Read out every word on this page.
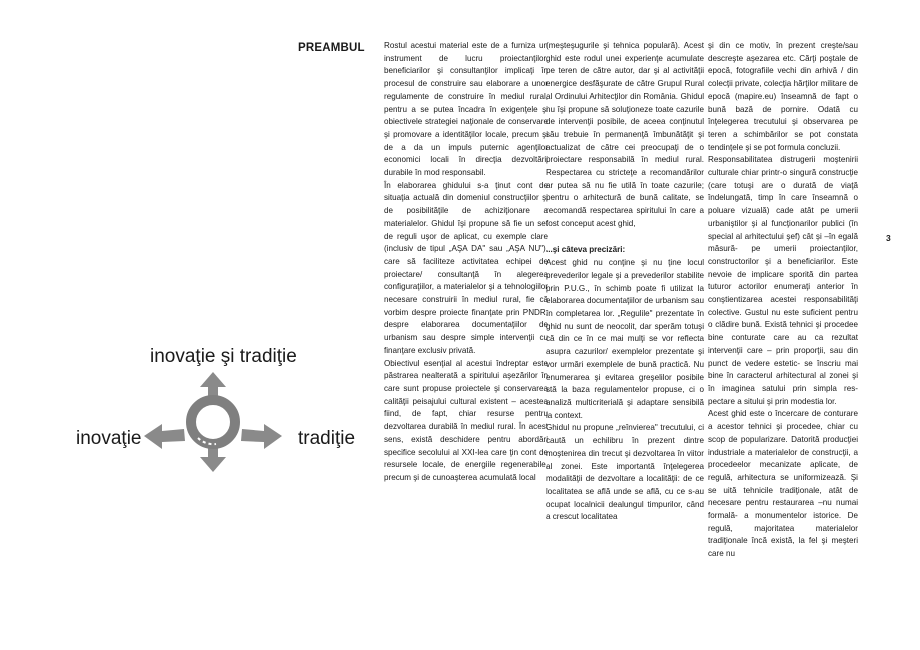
PREAMBUL
inovaţie şi tradiţie
inovaţie	tradiţie

Rostul acestui material este de a furniza un instrument de lucru proiectanţilor, beneficiarilor şi consultanţilor implicaţi în procesul de construire sau elaborare a unor regulamente de construire în mediul rural, pentru a se putea încadra în exigenţele şi obiectivele strategiei naţionale de conservare şi promovare a identităţilor locale, precum şi de a da un impuls puternic agenţilor economici locali în direcţia dezvoltării durabile în mod responsabil.

În elaborarea ghidului s-a ţinut cont de situaţia actuală din domeniul construcţiilor şi de posibilităţile de achiziţionare a materialelor. Ghidul îşi propune să fie un set de reguli uşor de aplicat, cu exemple clare (inclusiv de tipul „AŞA DA" sau „AŞA NU"), care să faciliteze activitatea echipei de proiectare/ consultanţă în alegerea configuraţiilor, a materialelor şi a tehnologiilor necesare construirii în mediul rural, fie că vorbim despre proiecte finanţate prin PNDR, despre elaborarea documentaţiilor de urbanism sau despre simple intervenţii cu finanţare exclusiv privată.

Obiectivul esenţial al acestui îndreptar este păstrarea nealterată a spiritului aşezărilor în care sunt propuse proiectele şi conservarea calităţii peisajului cultural existent – acestea fiind, de fapt, chiar resurse pentru dezvoltarea durabilă în mediul rural. În acest sens, există deschidere pentru abordări specifice secolului al XXI-lea care ţin cont de resursele locale, de energiile regenerabile, precum şi de cunoaşterea acumulată local

(meşteşugurile şi tehnica populară). Acest ghid este rodul unei experienţe acumulate pe teren de către autor, dar şi al activităţii energice desfăşurate de către Grupul Rural al Ordinului Arhitecţilor din România. Ghidul nu îşi propune să soluţioneze toate cazurile de intervenţii posibile, de aceea conţinutul său trebuie în permanenţă îmbunătăţit şi actualizat de către cei preocupaţi de o proiectare responsabilă în mediul rural. Respectarea cu stricteţe a recomandărilor ar putea să nu fie utilă în toate cazurile; pentru o arhitectură de bună calitate, se recomandă respectarea spiritului în care a fost conceput acest ghid,

...şi câteva precizări:

Acest ghid nu conţine şi nu ţine locul prevederilor legale şi a prevederilor stabilite prin P.U.G., în schimb poate fi utilizat la elaborarea documentaţiilor de urbanism sau în completarea lor. „Regulile" prezentate în ghid nu sunt de neocolit, dar sperăm totuşi că din ce în ce mai mulţi se vor reflecta asupra cazurilor/ exemplelor prezentate şi vor urmări exemplele de bună practică. Nu enumerarea şi evitarea greşelilor posibile stă la baza regulamentelor propuse, ci o analiză multicriterială şi adaptare sensibilă la context.

Ghidul nu propune „reînvierea" trecutului, ci caută un echilibru în prezent dintre moştenirea din trecut şi dezvoltarea în viitor al zonei. Este importantă înţelegerea modalităţii de dezvoltare a localităţii: de ce localitatea se află unde se află, cu ce s-au ocupat localnicii dealungul timpurilor, când a crescut localitatea

şi din ce motiv, în prezent creşte/sau descreşte aşezarea etc. Cărţi poştale de epocă, fotografiile vechi din arhivă / din colecţii private, colecţia hărţilor militare de epocă (mapire.eu) înseamnă de fapt o bună bază de pornire. Odată cu înţelegerea trecutului şi observarea pe teren a schimbărilor se pot constata tendinţele şi se pot formula concluzii.

Responsabilitatea distrugerii moştenirii culturale chiar printr-o singură construcţie (care totuşi are o durată de viaţă îndelungată, timp în care înseamnă o poluare vizuală) cade atât pe umerii urbaniştilor şi al funcţionarilor publici (în special al arhitectului şef) cât şi –în egală măsură- pe umerii proiectanţilor, constructorilor şi a beneficiarilor. Este nevoie de implicare sporită din partea tuturor actorilor enumeraţi anterior în conştientizarea acestei responsabilităţi colective. Gustul nu este suficient pentru o clădire bună. Există tehnici şi procedee bine conturate care au ca rezultat intervenţii care – prin proporţii, sau din punct de vedere estetic- se înscriu mai bine în caracterul arhitectural al zonei şi în imaginea satului prin simpla res-pectare a sitului şi prin modestia lor.

Acest ghid este o încercare de conturare a acestor tehnici şi procedee, chiar cu scop de popularizare. Datorită producţiei industriale a materialelor de construcţii, a procedeelor mecanizate aplicate, de regulă, arhitectura se uniformizează. Şi se uită tehnicile tradiţionale, atât de necesare pentru restaurarea –nu numai formală- a monumentelor istorice. De regulă, majoritatea materialelor tradiţionale încă există, la fel şi meşteri care nu

3
